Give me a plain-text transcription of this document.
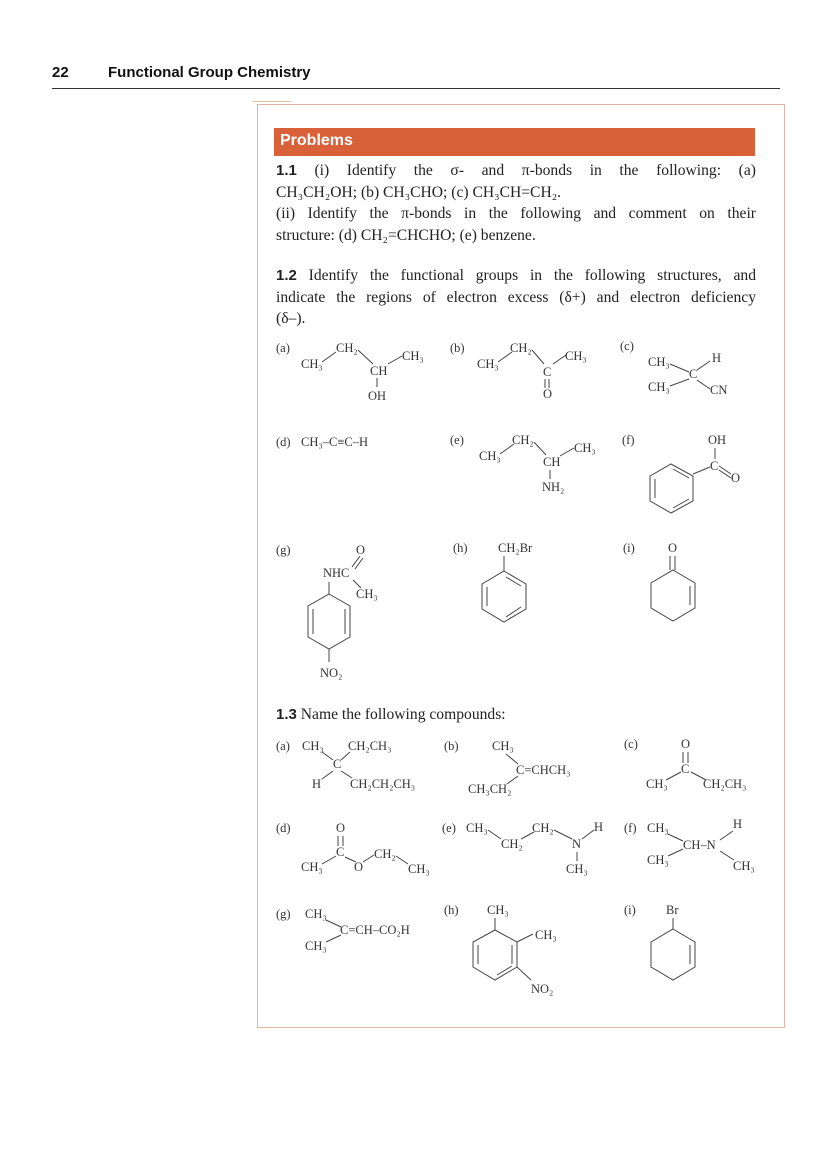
22	Functional Group Chemistry
Problems
1.1 (i) Identify the σ- and π-bonds in the following: (a)
CH₃CH₂OH; (b) CH₃CHO; (c) CH₃CH=CH₂.
(ii) Identify the π-bonds in the following and comment on their
structure: (d) CH₂=CHCHO; (e) benzene.
1.2 Identify the functional groups in the following structures, and
indicate the regions of electron excess (δ+) and electron deficiency
(δ–).
1.3 Name the following compounds:
(a)
CH₃
CH₂
CH₃
CH
OH
(b)
CH₃
CH₂
CH₃
C
O
(c)
CH₃	H
C
CH₃	CN
(d) CH₃–C≡C–H	(e)
CH₃
CH₂
CH₃
CH
NH₂
(f)	OH
C
O
(g)	O
NHC
CH₃
NO₂
(h) CH₂Br	(i)	O
(a) CH₃ CH₂CH₃
C
H CH₂CH₂CH₃
(b)	CH₃
C=CHCH₃
CH₃CH₂
(c)	O
C
CH₃	CH₂CH₃
(d)	O
C
CH₃	O
CH₂
CH₃
(e) CH₃
CH₂
CH₂
N
H
CH₃
(f) CH₃	H
CH–N
CH₃	CH₃
(g) CH₃
C=CH–CO₂H
CH₃
(h) CH₃
CH₃
NO₂
(i) Br
